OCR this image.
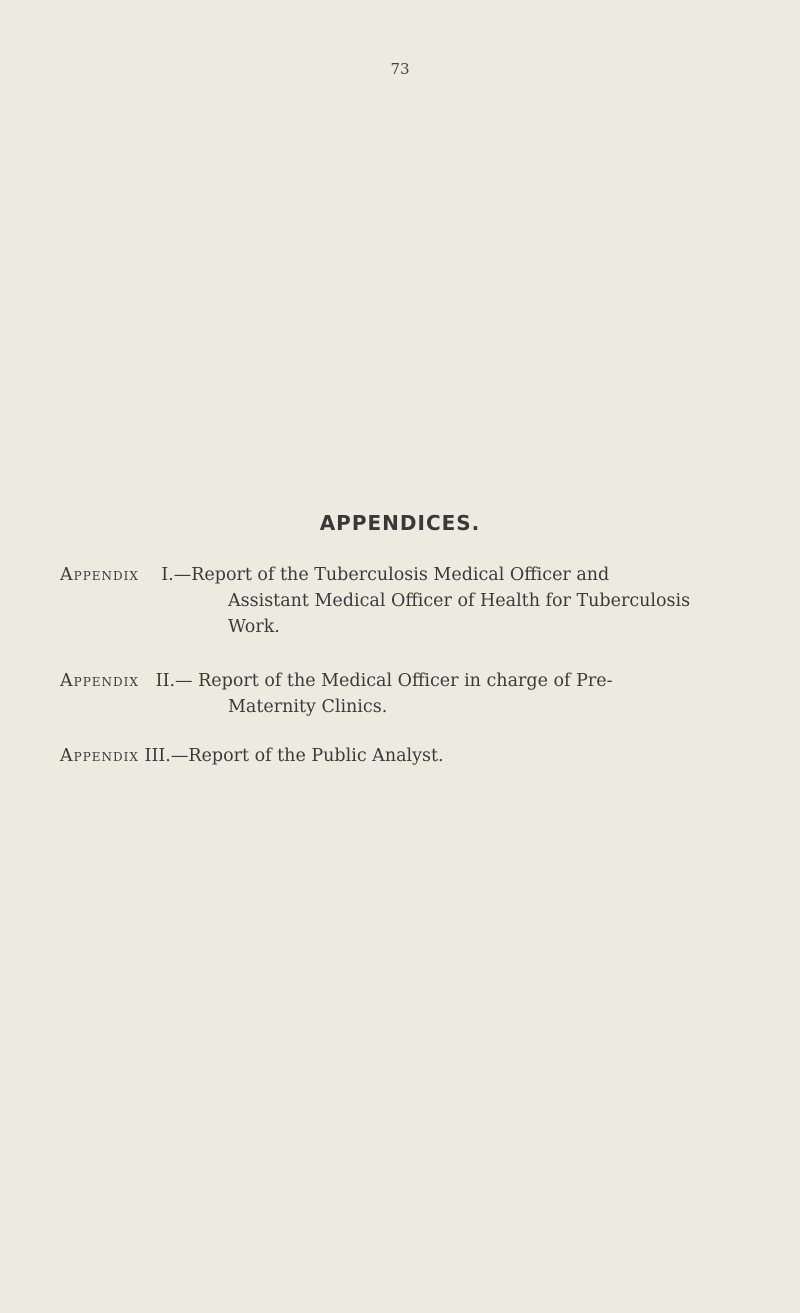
73
APPENDICES.
Appendix I.—Report of the Tuberculosis Medical Officer and
Assistant Medical Officer of Health for Tuberculosis
Work.
Appendix II.— Report of the Medical Officer in charge of Pre-
Maternity Clinics.
Appendix III.—Report of the Public Analyst.
